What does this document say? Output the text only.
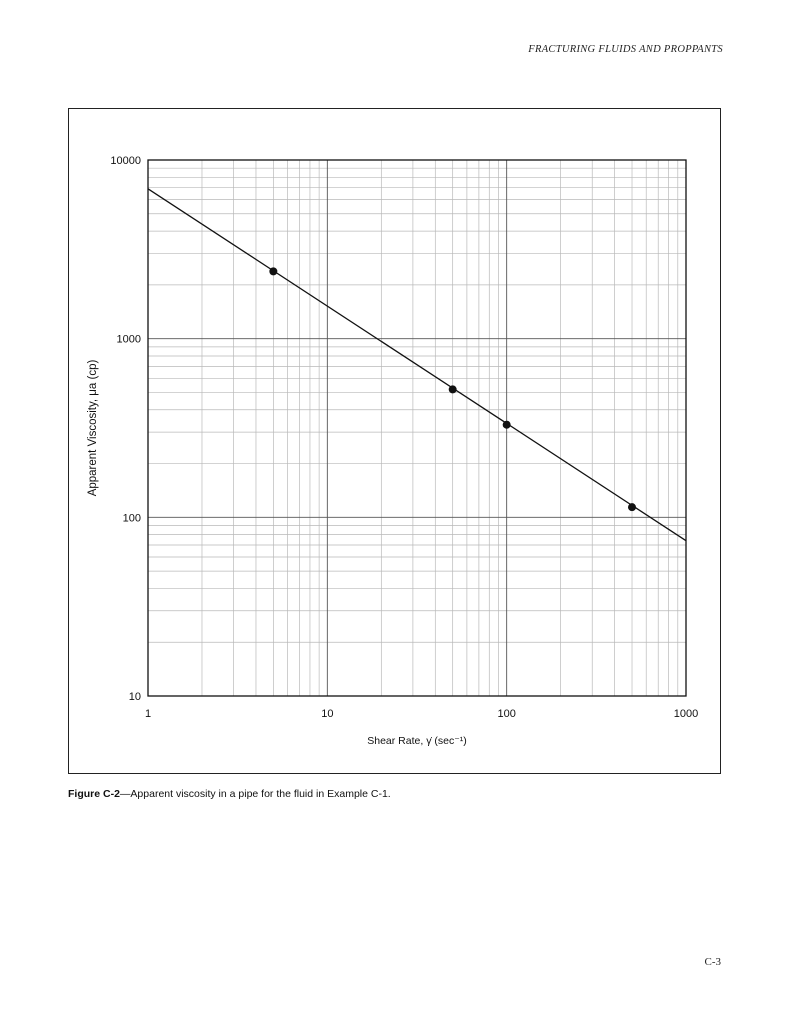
FRACTURING FLUIDS AND PROPPANTS
1	10	100	1000
10
100
1000
10000
Shear Rate, γ̇ (sec⁻¹)
Apparent Viscosity, μa (cp)
Figure C-2—Apparent viscosity in a pipe for the fluid in Example C-1.
C-3
